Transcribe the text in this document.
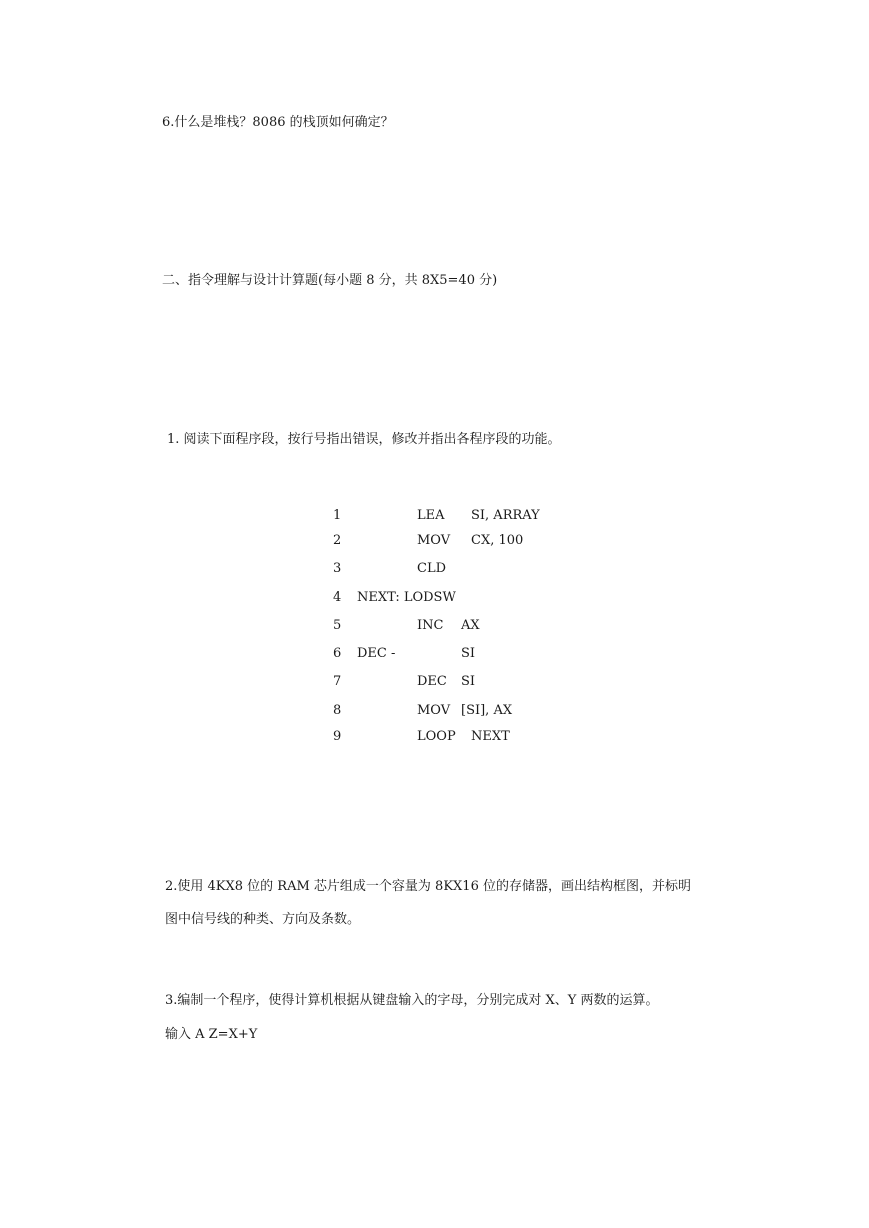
6.什么是堆栈？8086 的栈顶如何确定？
二、指令理解与设计计算题(每小题 8 分，共 8X5=40 分)
1. 阅读下面程序段，按行号指出错误，修改并指出各程序段的功能。
1	LEA SI, ARRAY
2	MOV CX, 100
3	CLD
4 NEXT: LODSW
5	INC AX
6 DEC -	SI
7	DEC SI
8	MOV [SI], AX
9	LOOP NEXT
2.使用 4KX8 位的 RAM 芯片组成一个容量为 8KX16 位的存储器，画出结构框图，并标明
图中信号线的种类、方向及条数。
3.编制一个程序，使得计算机根据从键盘输入的字母，分别完成对 X、Y 两数的运算。
输入 A Z=X+Y
